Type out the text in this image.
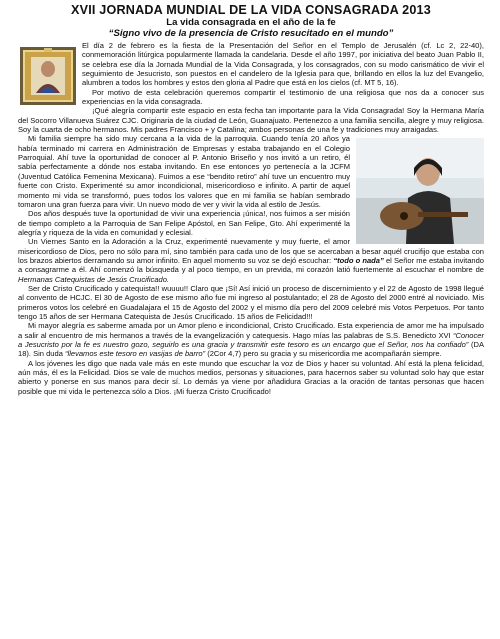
XVII JORNADA MUNDIAL DE LA VIDA CONSAGRADA 2013
La vida consagrada en el año de la fe
“Signo vivo de la presencia de Cristo resucitado en el mundo”

El día 2 de febrero es la fiesta de la Presentación del Señor en el Templo de Jerusalén (cf. Lc 2, 22-40), conmemoración litúrgica popularmente llamada la candelaria. Desde el año 1997, por iniciativa del beato Juan Pablo II, se celebra ese día la Jornada Mundial de la Vida Consagrada, y los consagrados, con su modo carismático de vivir el seguimiento de Jesucristo, son puestos en el candelero de la Iglesia para que, brillando en ellos la luz del Evangelio, alumbren a todos los hombres y estos den gloria al Padre que está en los cielos (cf. MT 5, 16).

Por motivo de esta celebración queremos compartir el testimonio de una religiosa que nos da a conocer sus experiencias en la vida consagrada.

¡Qué alegría compartir este espacio en esta fecha tan importante para la Vida Consagrada! Soy la Hermana María del Socorro Villanueva Suárez CJC. Originaria de la ciudad de León, Guanajuato. Pertenezco a una familia sencilla, alegre y muy religiosa. Soy la cuarta de ocho hermanos. Mis padres Francisco + y Catalina; ambos personas de una fe y tradiciones muy arraigadas.

Mi familia siempre ha sido muy cercana a la vida de la parroquia. Cuando tenía 20 años ya había terminado mi carrera en Administración de Empresas y estaba trabajando en el Colegio Parroquial. Ahí tuve la oportunidad de conocer al P. Antonio Briseño y nos invitó a un retiro, él sabía perfectamente a dónde nos estaba invitando. En ese entonces yo pertenecía a la JCFM (Juventud Católica Femenina Mexicana). Fuimos a ese “bendito retiro” ahí tuve un encuentro muy fuerte con Cristo. Experimenté su amor incondicional, misericordioso e infinito. A partir de aquel momento mi vida se transformó, pues todos los valores que en mi familia se habían sembrado tomaron una gran fuerza para vivir. Un nuevo modo de ver y vivir la vida al estilo de Jesús.

Dos años después tuve la oportunidad de vivir una experiencia ¡única!, nos fuimos a ser misión de tiempo completo a la Parroquia de San Felipe Apóstol, en San Felipe, Gto. Ahí experimenté la alegría y riqueza de la vida en comunidad y eclesial.

Un Viernes Santo en la Adoración a la Cruz, experimenté nuevamente y muy fuerte, el amor misericordioso de Dios, pero no sólo para mí, sino también para cada uno de los que se acercaban a besar aquél crucifijo que estaba con los brazos abiertos derramando su amor infinito. En aquel momento su voz se dejó escuchar: “todo o nada” el Señor me estaba invitando a consagrarme a él. Ahí comenzó la búsqueda y al poco tiempo, en un previda, mi corazón latió fuertemente al escuchar el nombre de Hermanas Catequistas de Jesús Crucificado.

Ser de Cristo Crucificado y catequista!! wuuuu!! Claro que ¡Sí! Así inició un proceso de discernimiento y el 22 de Agosto de 1998 llegué al convento de HCJC. El 30 de Agosto de ese mismo año fue mi ingreso al postulantado; el 28 de Agosto del 2000 entré al noviciado. Mis primeros votos los celebré en Guadalajara el 15 de Agosto del 2002 y el mismo día pero del 2009 celebré mis Votos Perpetuos. Por tanto tengo 15 años de ser Hermana Catequista de Jesús Crucificado. 15 años de Felicidad!!!

Mi mayor alegría es saberme amada por un Amor pleno e incondicional, Cristo Crucificado. Esta experiencia de amor me ha impulsado a salir al encuentro de mis hermanos a través de la evangelización y catequesis. Hago mías las palabras de S.S. Benedicto XVI “Conocer a Jesucristo por la fe es nuestro gozo, seguirlo es una gracia y transmitir este tesoro es un encargo que el Señor, nos ha confiado” (DA 18). Sin duda “llevamos este tesoro en vasijas de barro” (2Cor 4,7) pero su gracia y su misericordia me acompañarán siempre.

A los jóvenes les digo que nada vale más en este mundo que escuchar la voz de Dios y hacer su voluntad. Ahí está la plena felicidad, aún más, él es la Felicidad. Dios se vale de muchos medios, personas y situaciones, para hacernos saber su voluntad solo hay que estar abierto y ponerse en sus manos para decir sí. Lo demás ya viene por añadidura Gracias a la oración de tantas personas que hacen posible que mi vida le pertenezca sólo a Dios. ¡Mi fuerza Cristo Crucificado!
